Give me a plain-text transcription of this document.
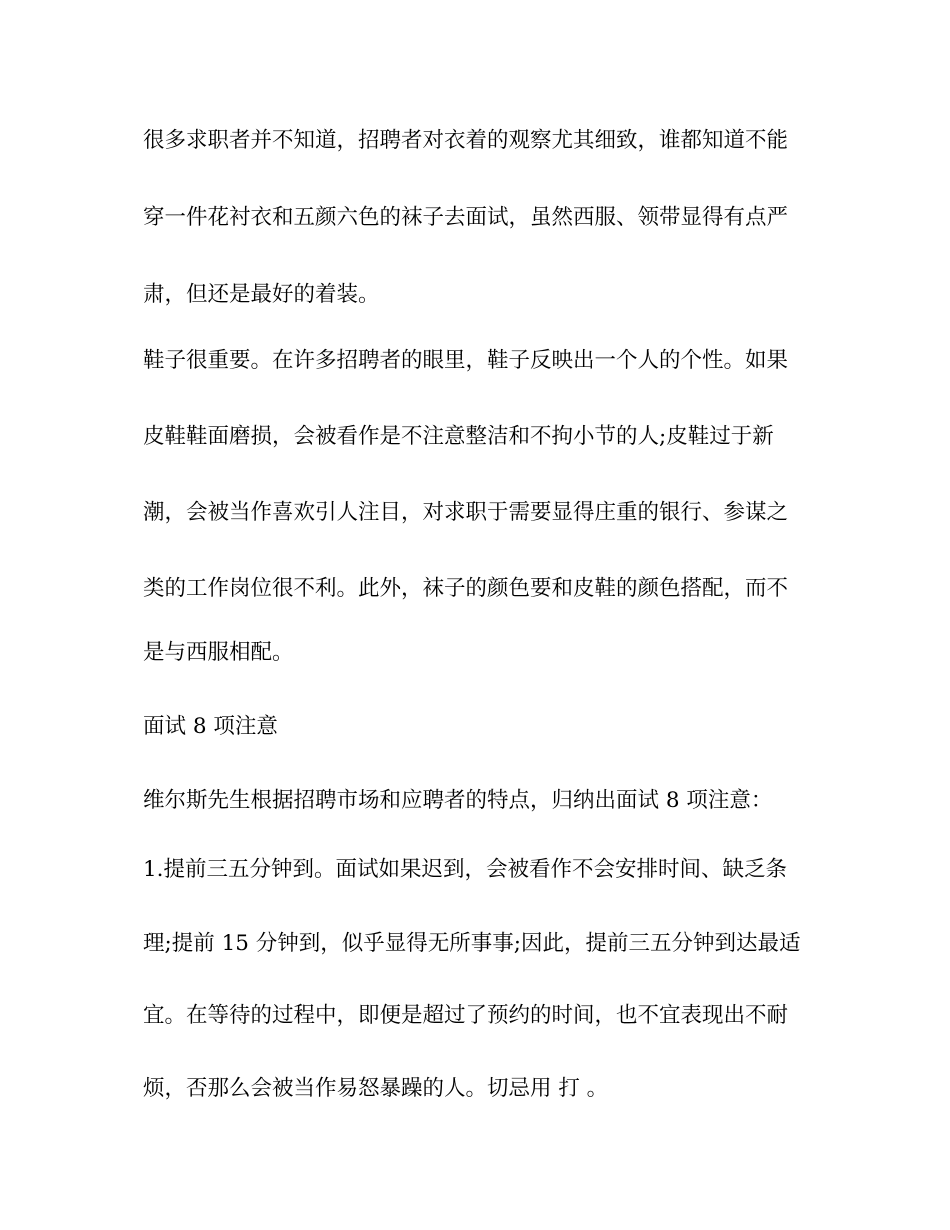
很多求职者并不知道，招聘者对衣着的观察尤其细致，谁都知道不能
穿一件花衬衣和五颜六色的袜子去面试，虽然西服、领带显得有点严
肃，但还是最好的着装。
鞋子很重要。在许多招聘者的眼里，鞋子反映出一个人的个性。如果
皮鞋鞋面磨损，会被看作是不注意整洁和不拘小节的人;皮鞋过于新
潮，会被当作喜欢引人注目，对求职于需要显得庄重的银行、参谋之
类的工作岗位很不利。此外，袜子的颜色要和皮鞋的颜色搭配，而不
是与西服相配。
面试 8 项注意
维尔斯先生根据招聘市场和应聘者的特点，归纳出面试 8 项注意：
1.提前三五分钟到。面试如果迟到，会被看作不会安排时间、缺乏条
理;提前 15 分钟到，似乎显得无所事事;因此，提前三五分钟到达最适
宜。在等待的过程中，即便是超过了预约的时间，也不宜表现出不耐
烦，否那么会被当作易怒暴躁的人。切忌用 打 。
